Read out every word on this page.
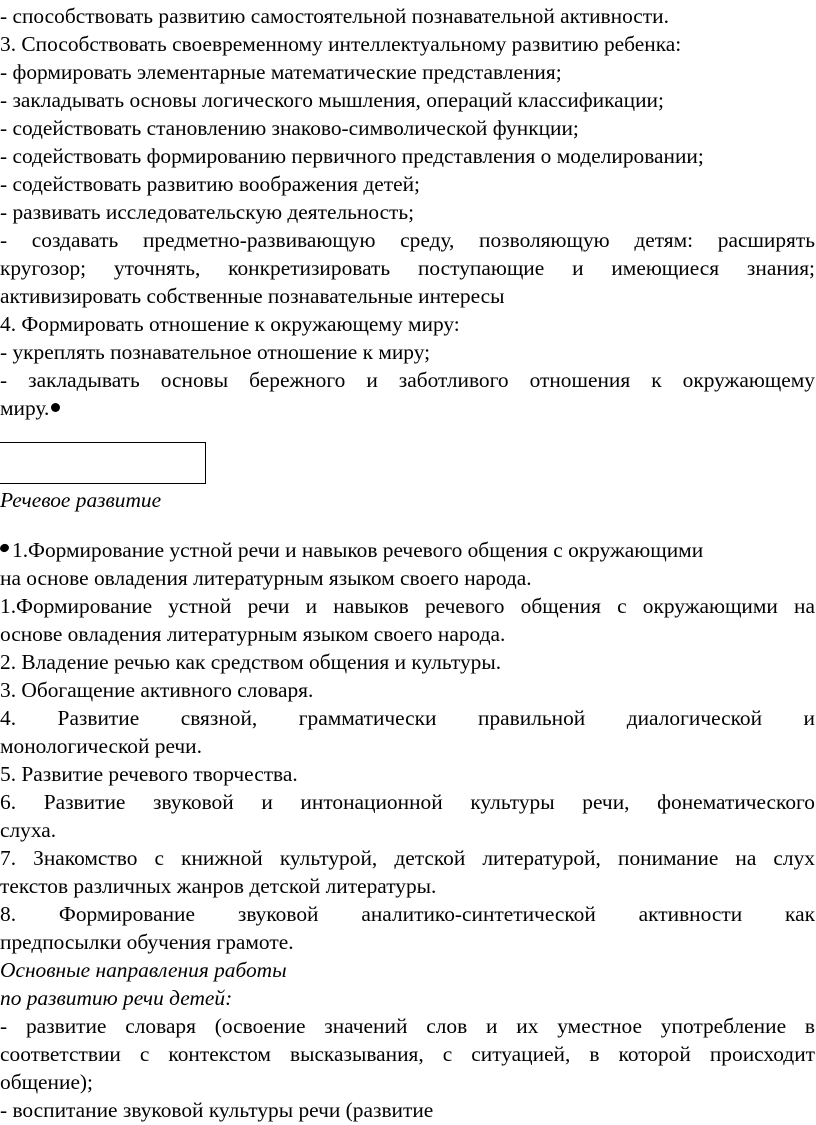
- способствовать развитию самостоятельной познавательной активности.
3. Способствовать своевременному интеллектуальному развитию ребенка:
- формировать элементарные математические представления;
- закладывать основы логического мышления, операций классификации;
- содействовать становлению знаково-символической функции;
- содействовать формированию первичного представления о моделировании;
- содействовать развитию воображения детей;
- развивать исследовательскую деятельность;
- создавать предметно-развивающую среду, позволяющую детям: расширять
кругозор; уточнять, конкретизировать поступающие и имеющиеся знания;
активизировать собственные познавательные интересы
4. Формировать отношение к окружающему миру:
- укреплять познавательное отношение к миру;
- закладывать основы бережного и заботливого отношения к окружающему
миру.
Речевое развитие
1.Формирование устной речи и навыков речевого общения с окружающими
на основе овладения литературным языком своего народа.
1.Формирование устной речи и навыков речевого общения с окружающими на
основе овладения литературным языком своего народа.
2. Владение речью как средством общения и культуры.
3. Обогащение активного словаря.
4. Развитие связной, грамматически правильной диалогической и
монологической речи.
5. Развитие речевого творчества.
6. Развитие звуковой и интонационной культуры речи, фонематического
слуха.
7. Знакомство с книжной культурой, детской литературой, понимание на слух
текстов различных жанров детской литературы.
8. Формирование звуковой аналитико-синтетической активности как
предпосылки обучения грамоте.
Основные направления работы
по развитию речи детей:
- развитие словаря (освоение значений слов и их уместное употребление в
соответствии с контекстом высказывания, с ситуацией, в которой происходит
общение);
- воспитание звуковой культуры речи (развитие
